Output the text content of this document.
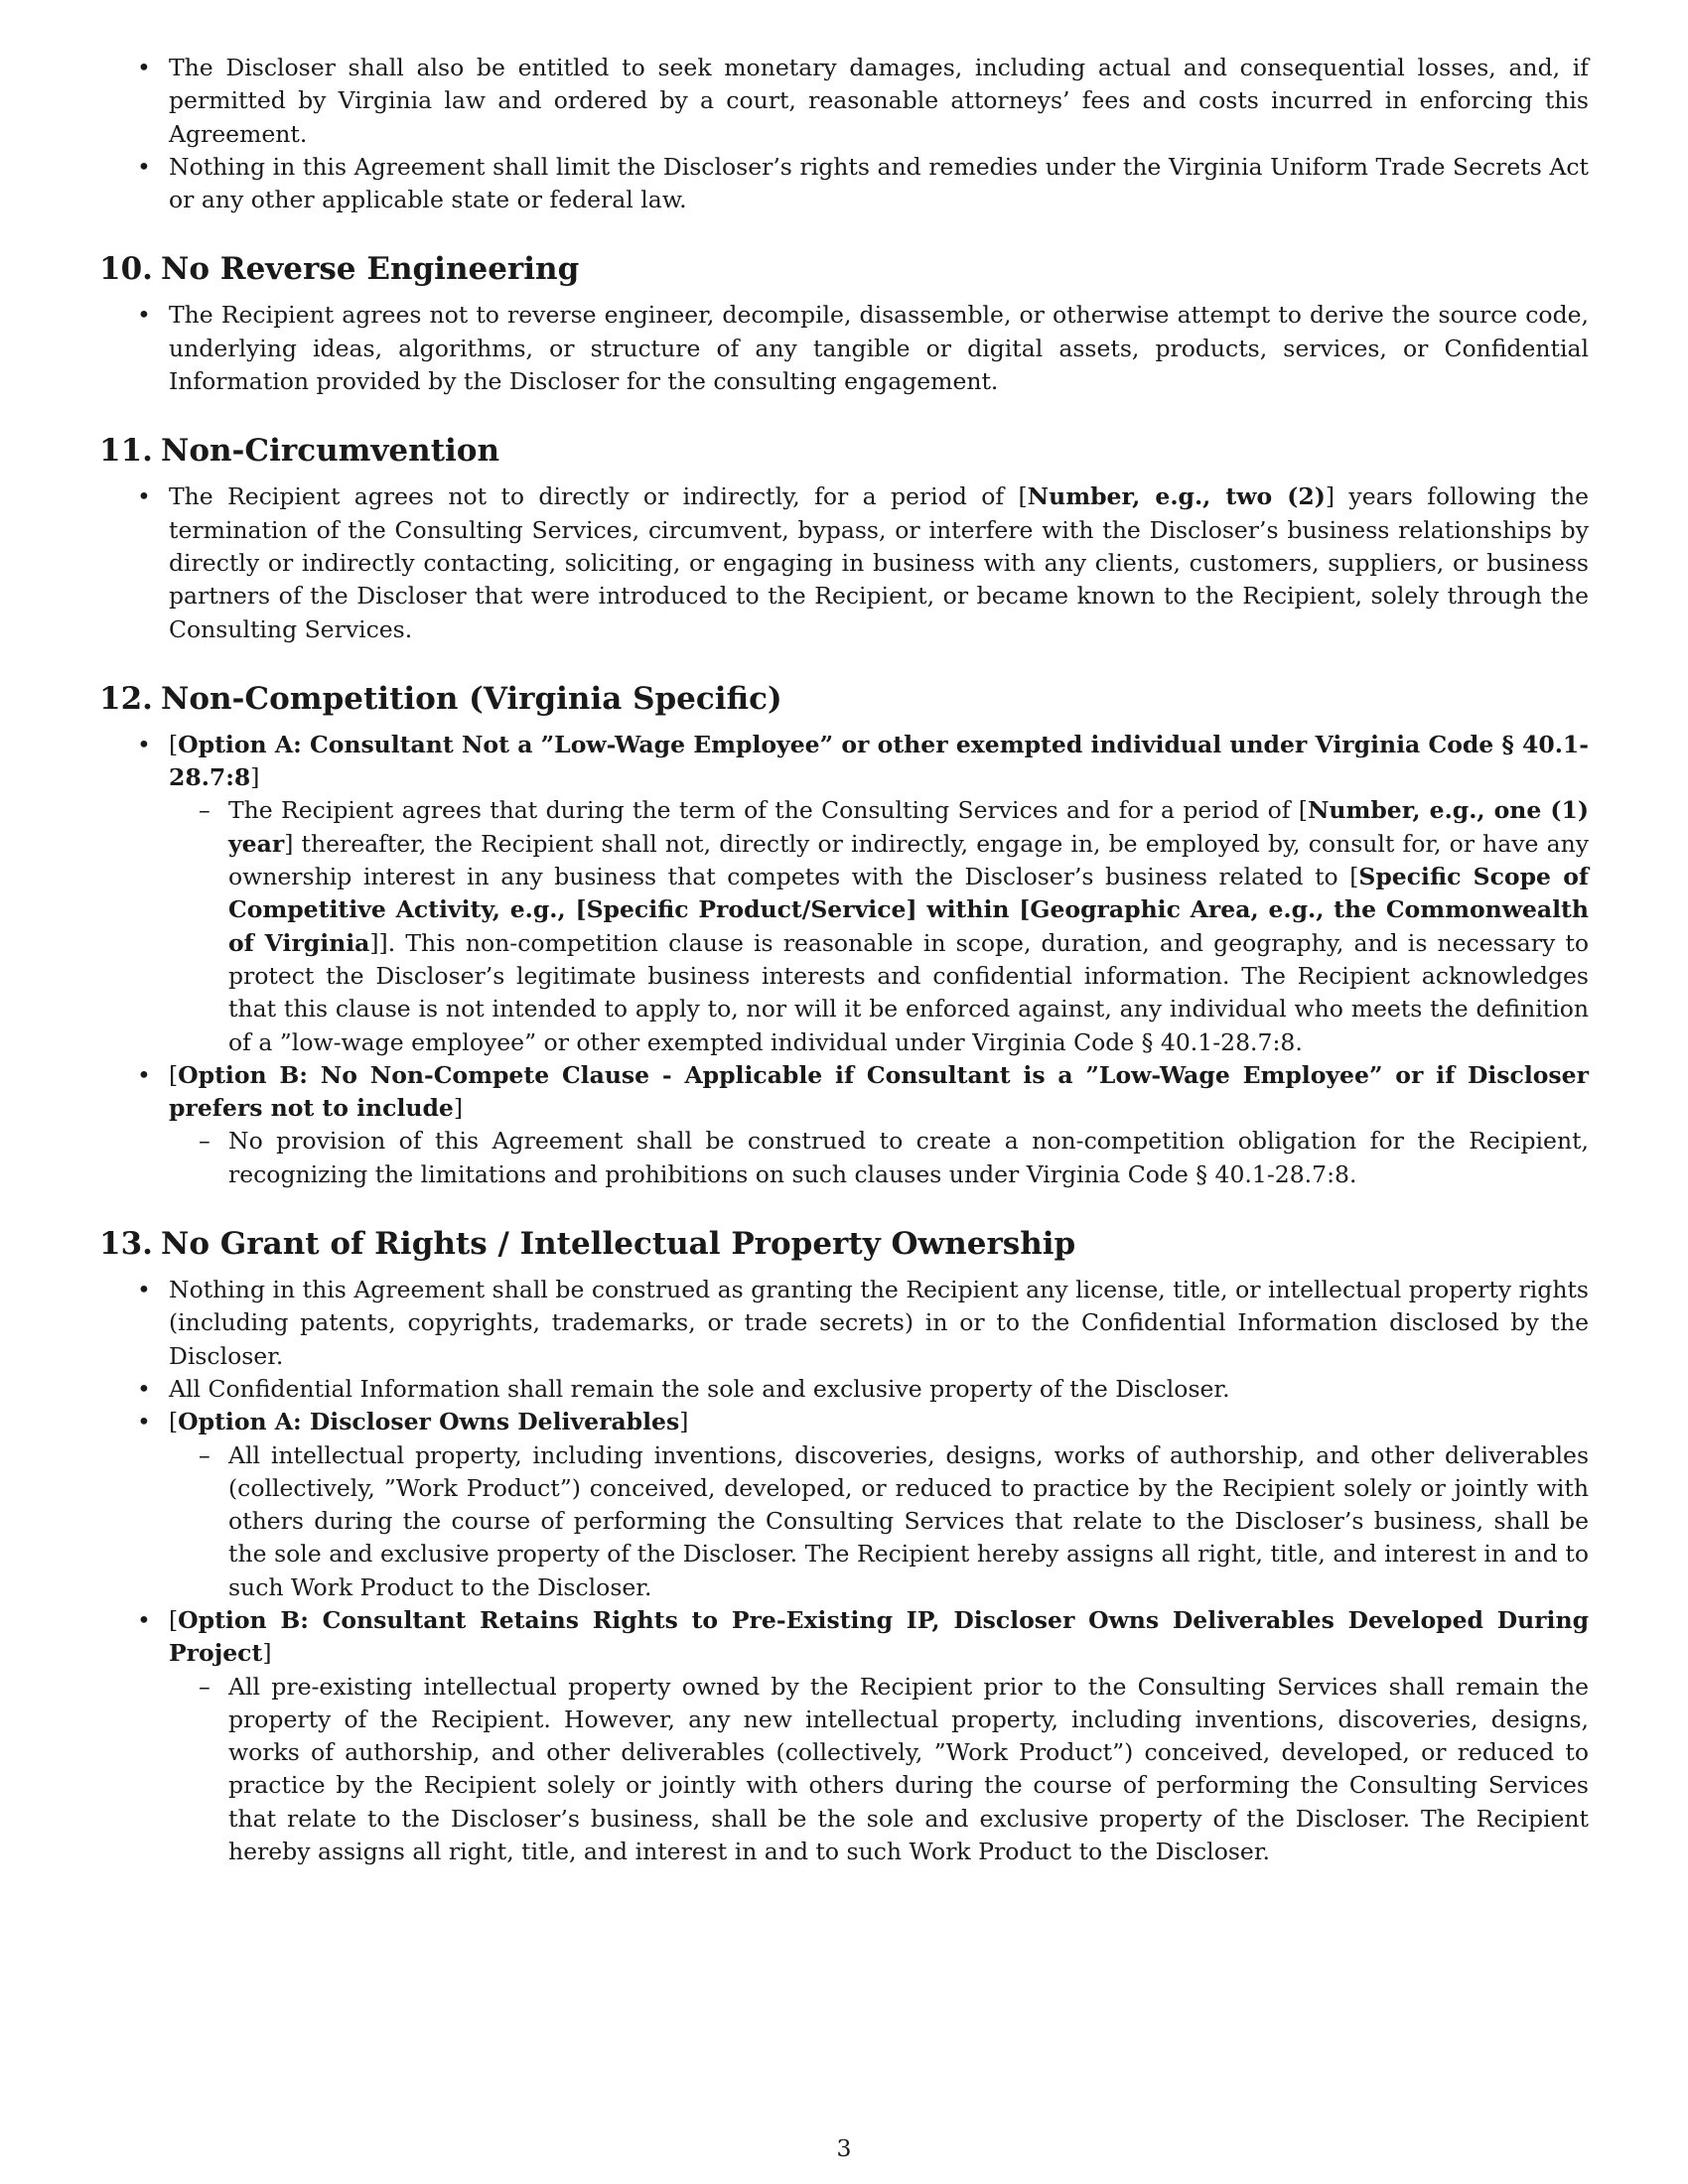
• The Discloser shall also be entitled to seek monetary damages, including actual and consequential losses, and, if permitted by Virginia law and ordered by a court, reasonable attorneys’ fees and costs incurred in enforcing this Agreement.
• Nothing in this Agreement shall limit the Discloser’s rights and remedies under the Virginia Uniform Trade Secrets Act or any other applicable state or federal law.
10. No Reverse Engineering
• The Recipient agrees not to reverse engineer, decompile, disassemble, or otherwise attempt to derive the source code, underlying ideas, algorithms, or structure of any tangible or digital assets, products, services, or Confidential Information provided by the Discloser for the consulting engagement.
11. Non-Circumvention
• The Recipient agrees not to directly or indirectly, for a period of [Number, e.g., two (2)] years following the termination of the Consulting Services, circumvent, bypass, or interfere with the Discloser’s business relationships by directly or indirectly contacting, soliciting, or engaging in business with any clients, customers, suppliers, or business partners of the Discloser that were introduced to the Recipient, or became known to the Recipient, solely through the Consulting Services.
12. Non-Competition (Virginia Specific)
• [Option A: Consultant Not a ”Low-Wage Employee” or other exempted individual under Virginia Code § 40.1-28.7:8]
– The Recipient agrees that during the term of the Consulting Services and for a period of [Number, e.g., one (1) year] thereafter, the Recipient shall not, directly or indirectly, engage in, be employed by, consult for, or have any ownership interest in any business that competes with the Discloser’s business related to [Specific Scope of Competitive Activity, e.g., [Specific Product/Service] within [Geographic Area, e.g., the Commonwealth of Virginia]]. This non-competition clause is reasonable in scope, duration, and geography, and is necessary to protect the Discloser’s legitimate business interests and confidential information. The Recipient acknowledges that this clause is not intended to apply to, nor will it be enforced against, any individual who meets the definition of a ”low-wage employee” or other exempted individual under Virginia Code § 40.1-28.7:8.
• [Option B: No Non-Compete Clause - Applicable if Consultant is a ”Low-Wage Employee” or if Discloser prefers not to include]
– No provision of this Agreement shall be construed to create a non-competition obligation for the Recipient, recognizing the limitations and prohibitions on such clauses under Virginia Code § 40.1-28.7:8.
13. No Grant of Rights / Intellectual Property Ownership
• Nothing in this Agreement shall be construed as granting the Recipient any license, title, or intellectual property rights (including patents, copyrights, trademarks, or trade secrets) in or to the Confidential Information disclosed by the Discloser.
• All Confidential Information shall remain the sole and exclusive property of the Discloser.
• [Option A: Discloser Owns Deliverables]
– All intellectual property, including inventions, discoveries, designs, works of authorship, and other deliverables (collectively, ”Work Product”) conceived, developed, or reduced to practice by the Recipient solely or jointly with others during the course of performing the Consulting Services that relate to the Discloser’s business, shall be the sole and exclusive property of the Discloser. The Recipient hereby assigns all right, title, and interest in and to such Work Product to the Discloser.
• [Option B: Consultant Retains Rights to Pre-Existing IP, Discloser Owns Deliverables Developed During Project]
– All pre-existing intellectual property owned by the Recipient prior to the Consulting Services shall remain the property of the Recipient. However, any new intellectual property, including inventions, discoveries, designs, works of authorship, and other deliverables (collectively, ”Work Product”) conceived, developed, or reduced to practice by the Recipient solely or jointly with others during the course of performing the Consulting Services that relate to the Discloser’s business, shall be the sole and exclusive property of the Discloser. The Recipient hereby assigns all right, title, and interest in and to such Work Product to the Discloser.
3
